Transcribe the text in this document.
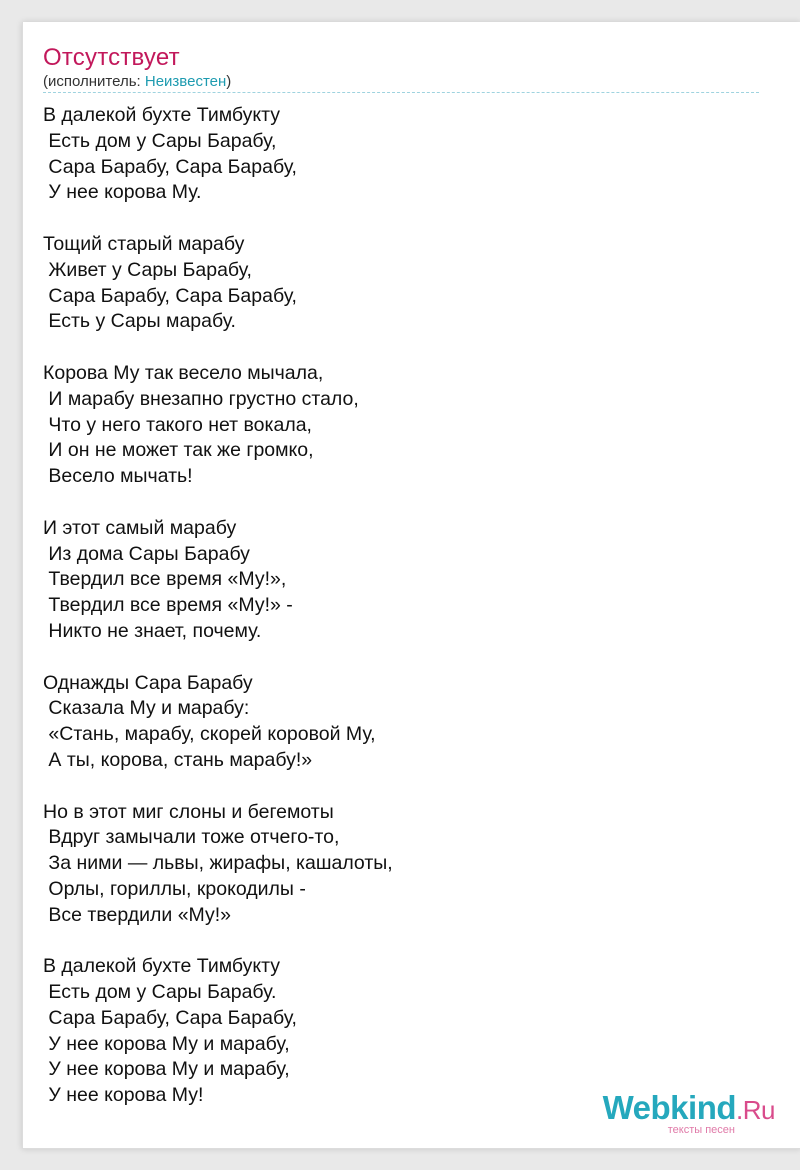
Отсутствует
(исполнитель: Неизвестен)
В далекой бухте Тимбукту
Есть дом у Сары Барабу,
Сара Барабу, Сара Барабу,
У нее корова Му.
Тощий старый марабу
Живет у Сары Барабу,
Сара Барабу, Сара Барабу,
Есть у Сары марабу.
Корова Му так весело мычала,
И марабу внезапно грустно стало,
Что у него такого нет вокала,
И он не может так же громко,
Весело мычать!
И этот самый марабу
Из дома Сары Барабу
Твердил все время «Му!»,
Твердил все время «Му!» -
Никто не знает, почему.
Однажды Сара Барабу
Сказала Му и марабу:
«Стань, марабу, скорей коровой Му,
А ты, корова, стань марабу!»
Но в этот миг слоны и бегемоты
Вдруг замычали тоже отчего-то,
За ними — львы, жирафы, кашалоты,
Орлы, гориллы, крокодилы -
Все твердили «Му!»
В далекой бухте Тимбукту
Есть дом у Сары Барабу.
Сара Барабу, Сара Барабу,
У нее корова Му и марабу,
У нее корова Му и марабу,
У нее корова Му!	Webkind.Ru
тексты песен
